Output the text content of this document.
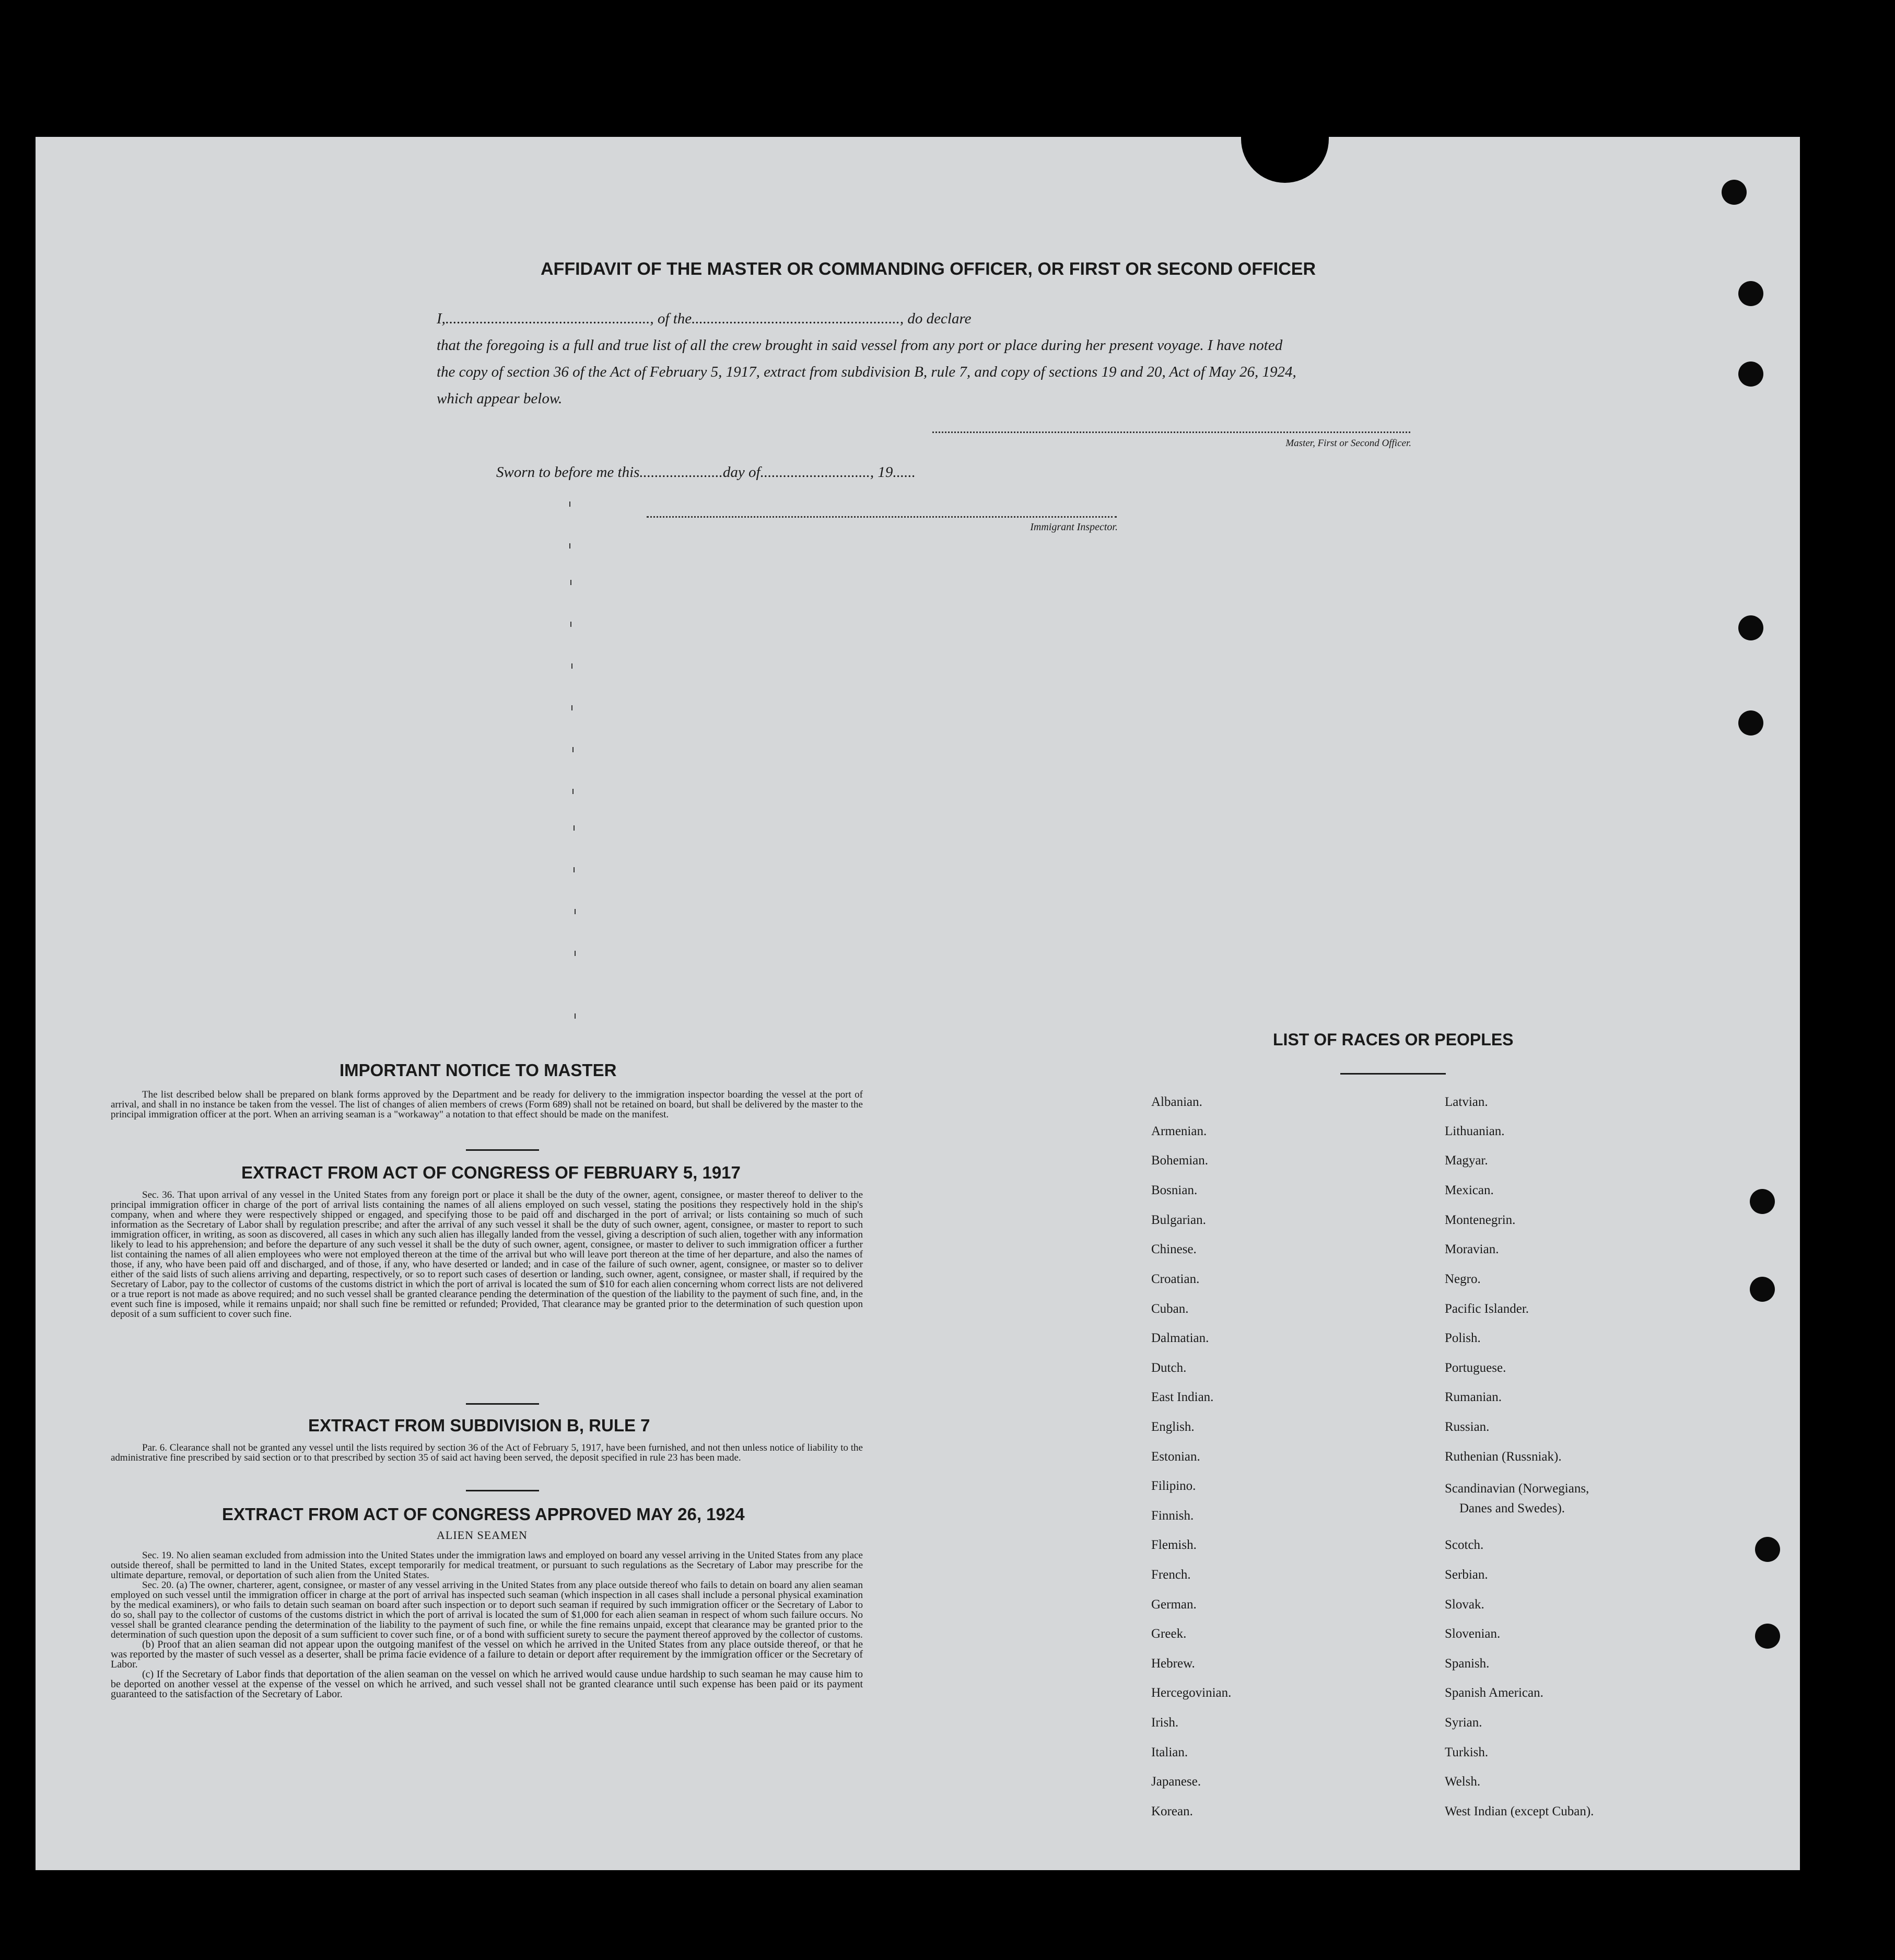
AFFIDAVIT OF THE MASTER OR COMMANDING OFFICER, OR FIRST OR SECOND OFFICER

I,......................................................, of the......................................................., do declare

that the foregoing is a full and true list of all the crew brought in said vessel from any port or place during her present voyage. I have noted

the copy of section 36 of the Act of February 5, 1917, extract from subdivision B, rule 7, and copy of sections 19 and 20, Act of May 26, 1924,

which appear below.

Master, First or Second Officer.
Sworn to before me this......................day of............................., 19......
Immigrant Inspector.
IMPORTANT NOTICE TO MASTER
The list described below shall be prepared on blank forms approved by the Department and be ready for delivery to the immigration inspector boarding the vessel at the port of arrival, and shall in no instance be taken from the vessel. The list of changes of alien members of crews (Form 689) shall not be retained on board, but shall be delivered by the master to the principal immigration officer at the port. When an arriving seaman is a "workaway" a notation to that effect should be made on the manifest.
EXTRACT FROM ACT OF CONGRESS OF FEBRUARY 5, 1917
Sec. 36. That upon arrival of any vessel in the United States from any foreign port or place it shall be the duty of the owner, agent, consignee, or master thereof to deliver to the principal immigration officer in charge of the port of arrival lists containing the names of all aliens employed on such vessel, stating the positions they respectively hold in the ship's company, when and where they were respectively shipped or engaged, and specifying those to be paid off and discharged in the port of arrival; or lists containing so much of such information as the Secretary of Labor shall by regulation prescribe; and after the arrival of any such vessel it shall be the duty of such owner, agent, consignee, or master to report to such immigration officer, in writing, as soon as discovered, all cases in which any such alien has illegally landed from the vessel, giving a description of such alien, together with any information likely to lead to his apprehension; and before the departure of any such vessel it shall be the duty of such owner, agent, consignee, or master to deliver to such immigration officer a further list containing the names of all alien employees who were not employed thereon at the time of the arrival but who will leave port thereon at the time of her departure, and also the names of those, if any, who have been paid off and discharged, and of those, if any, who have deserted or landed; and in case of the failure of such owner, agent, consignee, or master so to deliver either of the said lists of such aliens arriving and departing, respectively, or so to report such cases of desertion or landing, such owner, agent, consignee, or master shall, if required by the Secretary of Labor, pay to the collector of customs of the customs district in which the port of arrival is located the sum of $10 for each alien concerning whom correct lists are not delivered or a true report is not made as above required; and no such vessel shall be granted clearance pending the determination of the question of the liability to the payment of such fine, and, in the event such fine is imposed, while it remains unpaid; nor shall such fine be remitted or refunded; Provided, That clearance may be granted prior to the determination of such question upon deposit of a sum sufficient to cover such fine.
EXTRACT FROM SUBDIVISION B, RULE 7
Par. 6. Clearance shall not be granted any vessel until the lists required by section 36 of the Act of February 5, 1917, have been furnished, and not then unless notice of liability to the administrative fine prescribed by said section or to that prescribed by section 35 of said act having been served, the deposit specified in rule 23 has been made.
EXTRACT FROM ACT OF CONGRESS APPROVED MAY 26, 1924
ALIEN SEAMEN

Sec. 19. No alien seaman excluded from admission into the United States under the immigration laws and employed on board any vessel arriving in the United States from any place outside thereof, shall be permitted to land in the United States, except temporarily for medical treatment, or pursuant to such regulations as the Secretary of Labor may prescribe for the ultimate departure, removal, or deportation of such alien from the United States.

Sec. 20. (a) The owner, charterer, agent, consignee, or master of any vessel arriving in the United States from any place outside thereof who fails to detain on board any alien seaman employed on such vessel until the immigration officer in charge at the port of arrival has inspected such seaman (which inspection in all cases shall include a personal physical examination by the medical examiners), or who fails to detain such seaman on board after such inspection or to deport such seaman if required by such immigration officer or the Secretary of Labor to do so, shall pay to the collector of customs of the customs district in which the port of arrival is located the sum of $1,000 for each alien seaman in respect of whom such failure occurs. No vessel shall be granted clearance pending the determination of the liability to the payment of such fine, or while the fine remains unpaid, except that clearance may be granted prior to the determination of such question upon the deposit of a sum sufficient to cover such fine, or of a bond with sufficient surety to secure the payment thereof approved by the collector of customs.

(b) Proof that an alien seaman did not appear upon the outgoing manifest of the vessel on which he arrived in the United States from any place outside thereof, or that he was reported by the master of such vessel as a deserter, shall be prima facie evidence of a failure to detain or deport after requirement by the immigration officer or the Secretary of Labor.

(c) If the Secretary of Labor finds that deportation of the alien seaman on the vessel on which he arrived would cause undue hardship to such seaman he may cause him to be deported on another vessel at the expense of the vessel on which he arrived, and such vessel shall not be granted clearance until such expense has been paid or its payment guaranteed to the satisfaction of the Secretary of Labor.

LIST OF RACES OR PEOPLES
Albanian.
Armenian.
Bohemian.
Bosnian.
Bulgarian.
Chinese.
Croatian.
Cuban.
Dalmatian.
Dutch.
East Indian.
English.
Estonian.
Filipino.
Finnish.
Flemish.
French.
German.
Greek.
Hebrew.
Hercegovinian.
Irish.
Italian.
Japanese.
Korean.
Latvian.
Lithuanian.
Magyar.
Mexican.
Montenegrin.
Moravian.
Negro.
Pacific Islander.
Polish.
Portuguese.
Rumanian.
Russian.
Ruthenian (Russniak).
Scandinavian (Norwegians,
Danes and Swedes).
Scotch.
Serbian.
Slovak.
Slovenian.
Spanish.
Spanish American.
Syrian.
Turkish.
Welsh.
West Indian (except Cuban).
